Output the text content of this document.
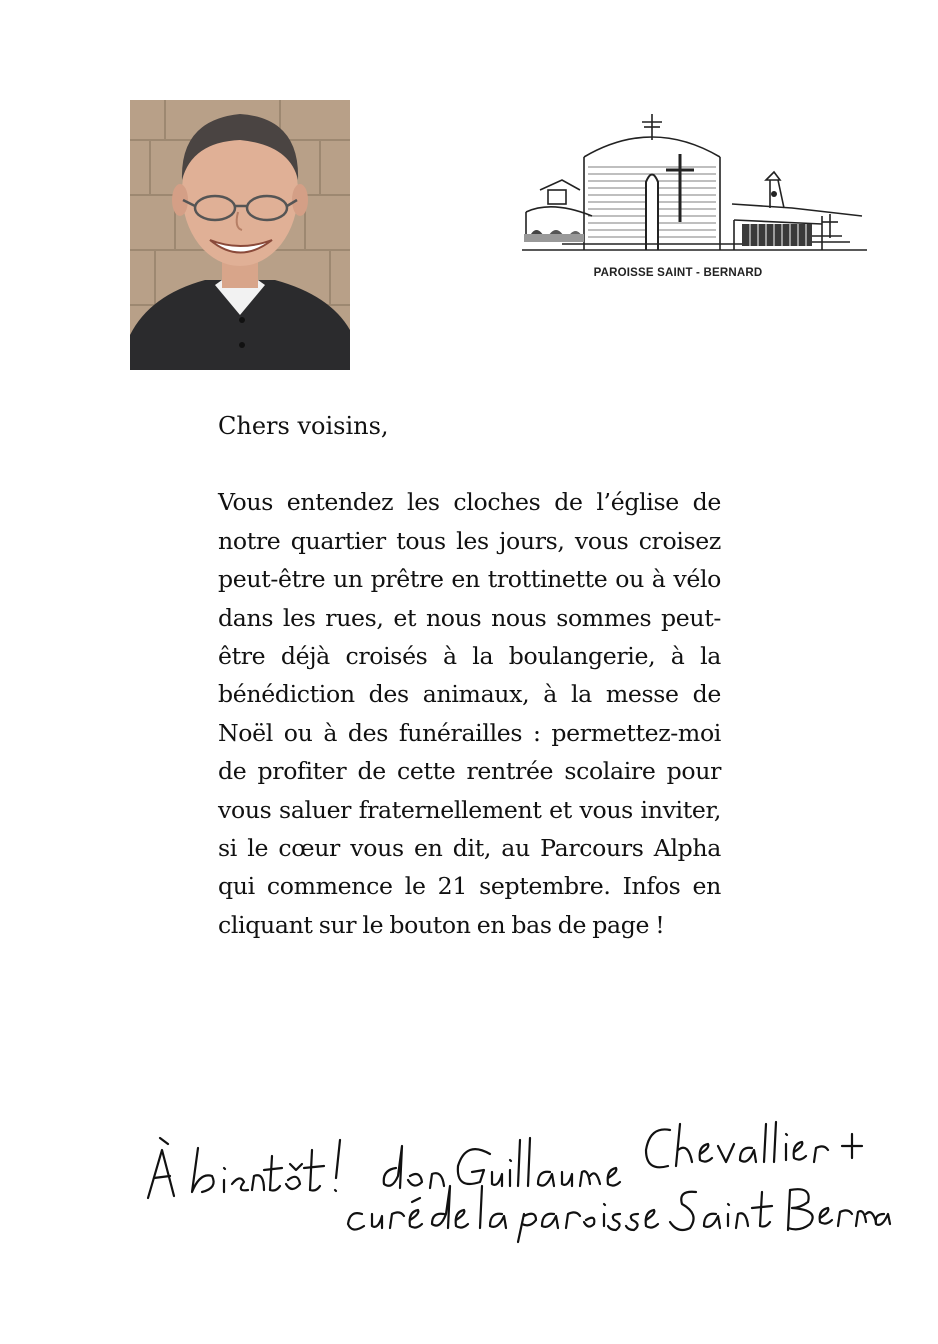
PAROISSE SAINT - BERNARD

Chers voisins,

Vous entendez les cloches de l’église de notre quartier tous les jours, vous croisez peut-être un prêtre en trottinette ou à vélo dans les rues, et nous nous sommes peut-être déjà croisés à la boulangerie, à la bénédiction des animaux, à la messe de Noël ou à des funérailles : permettez-moi de profiter de cette rentrée scolaire pour vous saluer fraternellement et vous inviter, si le cœur vous en dit, au Parcours Alpha qui commence le 21 septembre. Infos en cliquant sur le bouton en bas de page !
